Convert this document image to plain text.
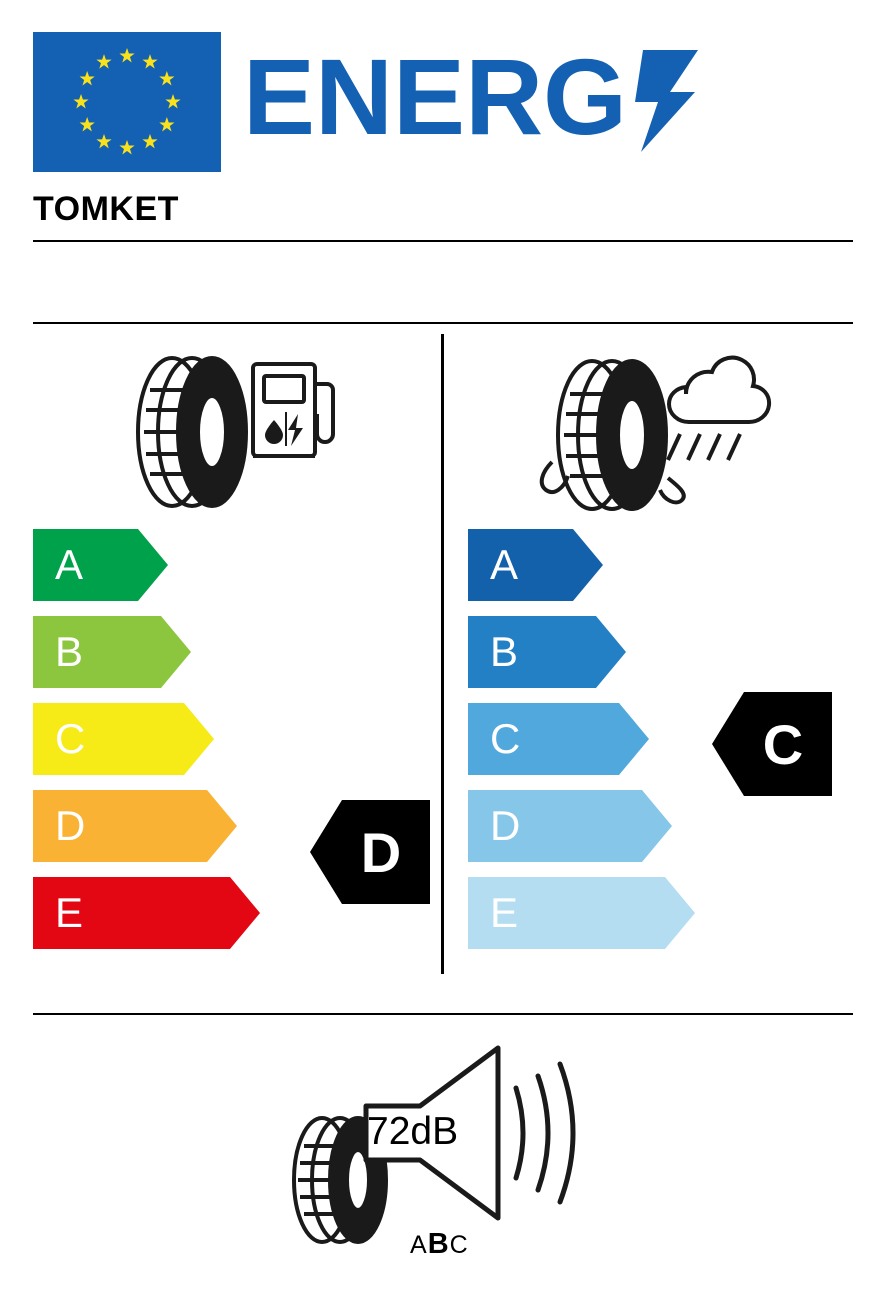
ENERG
TOMKET
A
B
C
D
E
A
B
C
D
E
D
C
72dB
ABC
